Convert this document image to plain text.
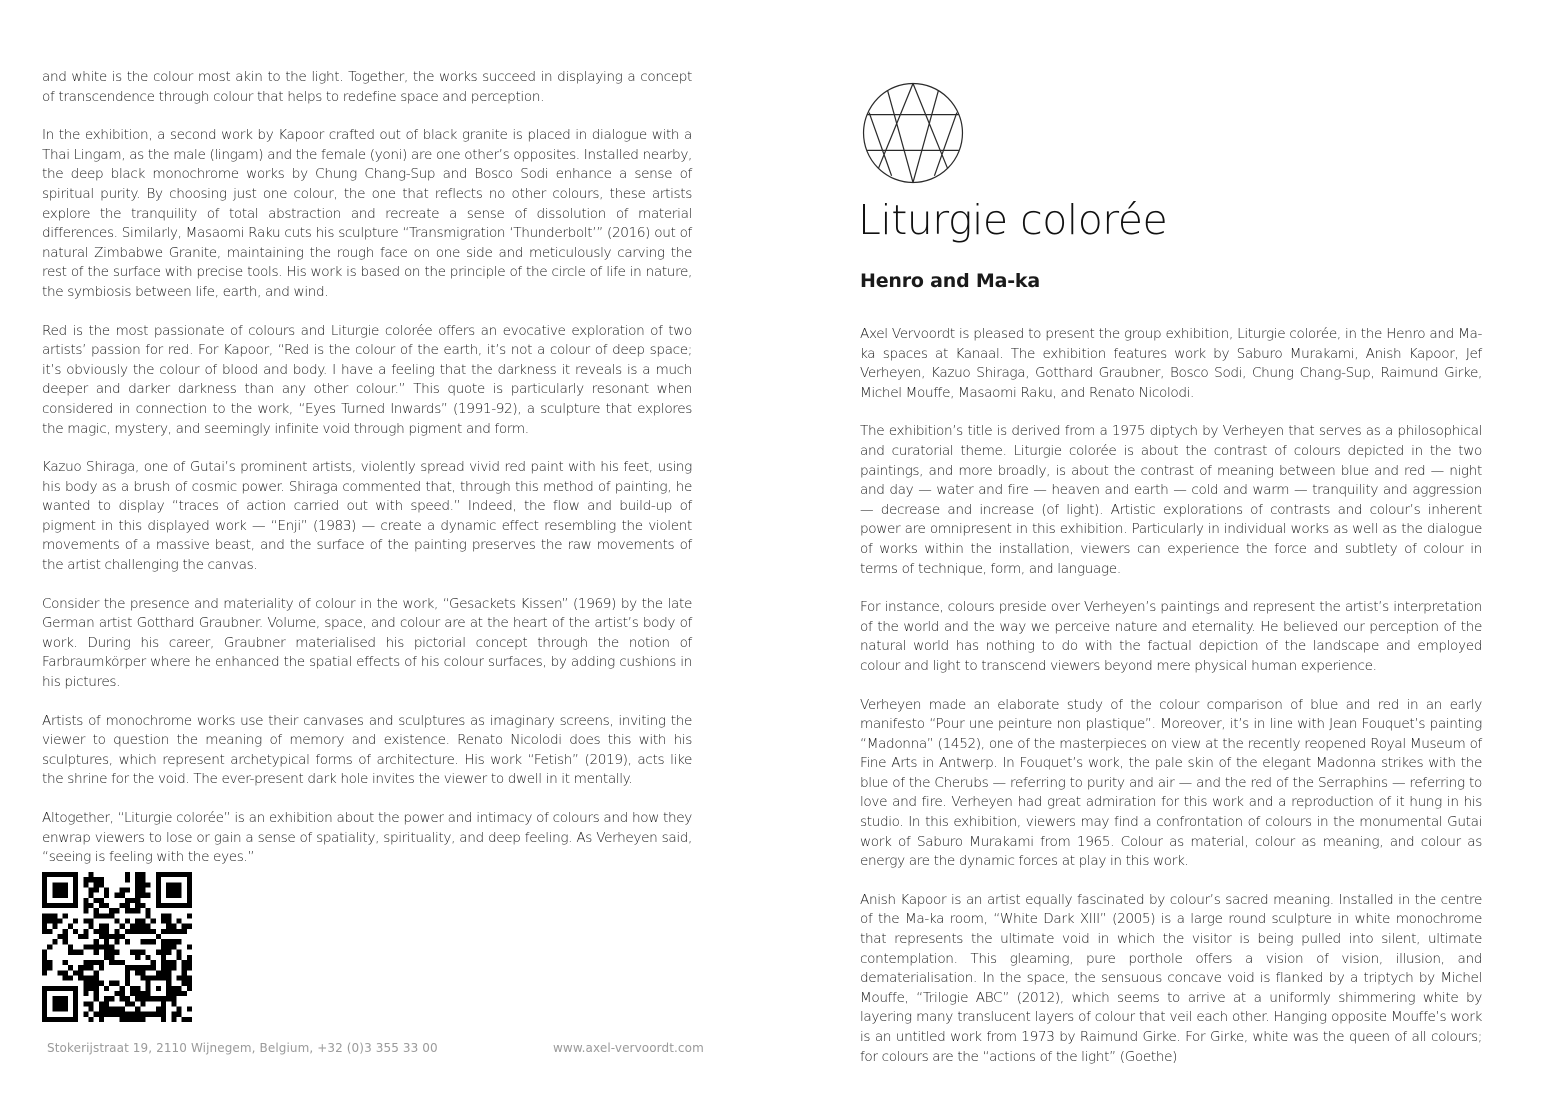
and white is the colour most akin to the light. Together, the works succeed in displaying a concept of transcendence through colour that helps to redefine space and perception.

In the exhibition, a second work by Kapoor crafted out of black granite is placed in dialogue with a Thai Lingam, as the male (lingam) and the female (yoni) are one other’s opposites. Installed nearby, the deep black monochrome works by Chung Chang-Sup and Bosco Sodi enhance a sense of spiritual purity. By choosing just one colour, the one that reflects no other colours, these artists explore the tranquility of total abstraction and recreate a sense of dissolution of material differences. Similarly, Masaomi Raku cuts his sculpture “Transmigration ‘Thunderbolt’” (2016) out of natural Zimbabwe Granite, maintaining the rough face on one side and meticulously carving the rest of the surface with precise tools. His work is based on the principle of the circle of life in nature, the symbiosis between life, earth, and wind.

Red is the most passionate of colours and Liturgie colorée offers an evocative exploration of two artists’ passion for red. For Kapoor, “Red is the colour of the earth, it’s not a colour of deep space; it’s obviously the colour of blood and body. I have a feeling that the darkness it reveals is a much deeper and darker darkness than any other colour.” This quote is particularly resonant when considered in connection to the work, “Eyes Turned Inwards” (1991-92), a sculpture that explores the magic, mystery, and seemingly infinite void through pigment and form.

Kazuo Shiraga, one of Gutai’s prominent artists, violently spread vivid red paint with his feet, using his body as a brush of cosmic power. Shiraga commented that, through this method of painting, he wanted to display “traces of action carried out with speed.” Indeed, the flow and build-up of pigment in this displayed work — “Enji” (1983) — create a dynamic effect resembling the violent movements of a massive beast, and the surface of the painting preserves the raw movements of the artist challenging the canvas.

Consider the presence and materiality of colour in the work, “Gesackets Kissen” (1969) by the late German artist Gotthard Graubner. Volume, space, and colour are at the heart of the artist’s body of work. During his career, Graubner materialised his pictorial concept through the notion of Farbraumkörper where he enhanced the spatial effects of his colour surfaces, by adding cushions in his pictures.

Artists of monochrome works use their canvases and sculptures as imaginary screens, inviting the viewer to question the meaning of memory and existence. Renato Nicolodi does this with his sculptures, which represent archetypical forms of architecture. His work “Fetish” (2019), acts like the shrine for the void. The ever-present dark hole invites the viewer to dwell in it mentally.

Altogether, “Liturgie colorée” is an exhibition about the power and intimacy of colours and how they enwrap viewers to lose or gain a sense of spatiality, spirituality, and deep feeling. As Verheyen said, “seeing is feeling with the eyes.”

Liturgie colorée
Henro and Ma-ka

Axel Vervoordt is pleased to present the group exhibition, Liturgie colorée, in the Henro and Ma-ka spaces at Kanaal. The exhibition features work by Saburo Murakami, Anish Kapoor, Jef Verheyen, Kazuo Shiraga, Gotthard Graubner, Bosco Sodi, Chung Chang-Sup, Raimund Girke, Michel Mouffe, Masaomi Raku, and Renato Nicolodi.

The exhibition’s title is derived from a 1975 diptych by Verheyen that serves as a philosophical and curatorial theme. Liturgie colorée is about the contrast of colours depicted in the two paintings, and more broadly, is about the contrast of meaning between blue and red — night and day — water and fire — heaven and earth — cold and warm — tranquility and aggression — decrease and increase (of light). Artistic explorations of contrasts and colour’s inherent power are omnipresent in this exhibition. Particularly in individual works as well as the dialogue of works within the installation, viewers can experience the force and subtlety of colour in terms of technique, form, and language.

For instance, colours preside over Verheyen’s paintings and represent the artist’s interpretation of the world and the way we perceive nature and eternality. He believed our perception of the natural world has nothing to do with the factual depiction of the landscape and employed colour and light to transcend viewers beyond mere physical human experience.

Verheyen made an elaborate study of the colour comparison of blue and red in an early manifesto “Pour une peinture non plastique”. Moreover, it’s in line with Jean Fouquet’s painting “Madonna” (1452), one of the masterpieces on view at the recently reopened Royal Museum of Fine Arts in Antwerp. In Fouquet’s work, the pale skin of the elegant Madonna strikes with the blue of the Cherubs — referring to purity and air — and the red of the Serraphins — referring to love and fire. Verheyen had great admiration for this work and a reproduction of it hung in his studio. In this exhibition, viewers may find a confrontation of colours in the monumental Gutai work of Saburo Murakami from 1965. Colour as material, colour as meaning, and colour as energy are the dynamic forces at play in this work.

Anish Kapoor is an artist equally fascinated by colour’s sacred meaning. Installed in the centre of the Ma-ka room, “White Dark XIII” (2005) is a large round sculpture in white monochrome that represents the ultimate void in which the visitor is being pulled into silent, ultimate contemplation. This gleaming, pure porthole offers a vision of vision, illusion, and dematerialisation. In the space, the sensuous concave void is flanked by a triptych by Michel Mouffe, “Trilogie ABC” (2012), which seems to arrive at a uniformly shimmering white by layering many translucent layers of colour that veil each other. Hanging opposite Mouffe’s work is an untitled work from 1973 by Raimund Girke. For Girke, white was the queen of all colours; for colours are the “actions of the light” (Goethe)

Stokerijstraat 19, 2110 Wijnegem, Belgium, +32 (0)3 355 33 00	www.axel-vervoordt.com
